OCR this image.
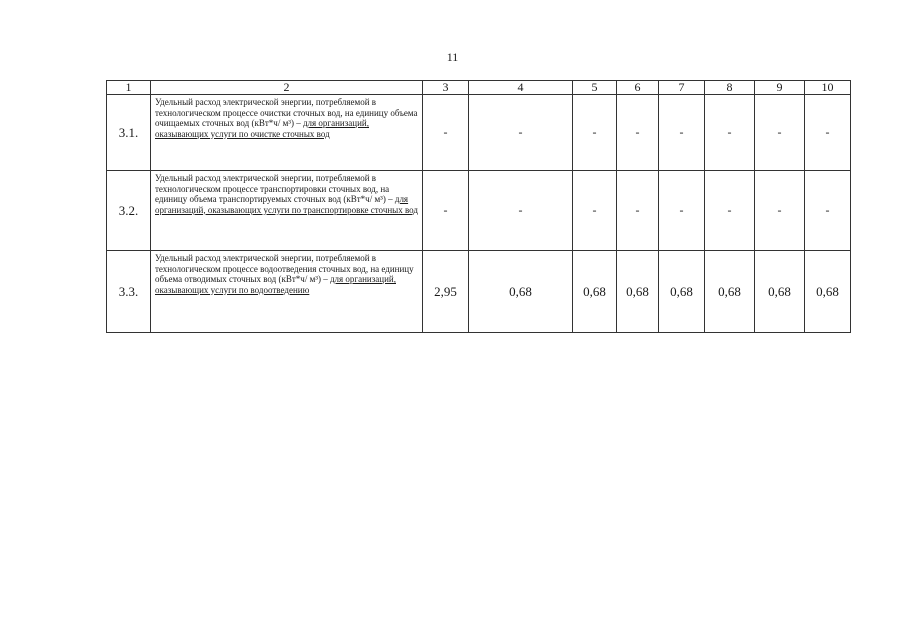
11
1	2	3	4	5	6	7	8	9	10
3.1.	Удельный расход электрической энергии, потребляемой в технологическом процессе очистки сточных вод, на единицу объема очищаемых сточных вод (кВт*ч/ м³) – для организаций, оказывающих услуги по очистке сточных вод	-	-	-	-	-	-	-	-
3.2.	Удельный расход электрической энергии, потребляемой в технологическом процессе транспортировки сточных вод, на единицу объема транспортируемых сточных вод (кВт*ч/ м³) – для организаций, оказывающих услуги по транспортировке сточных вод	-	-	-	-	-	-	-	-
3.3.	Удельный расход электрической энергии, потребляемой в технологическом процессе водоотведения сточных вод, на единицу объема отводимых сточных вод (кВт*ч/ м³) – для организаций, оказывающих услуги по водоотведению	2,95	0,68	0,68	0,68	0,68	0,68	0,68	0,68
